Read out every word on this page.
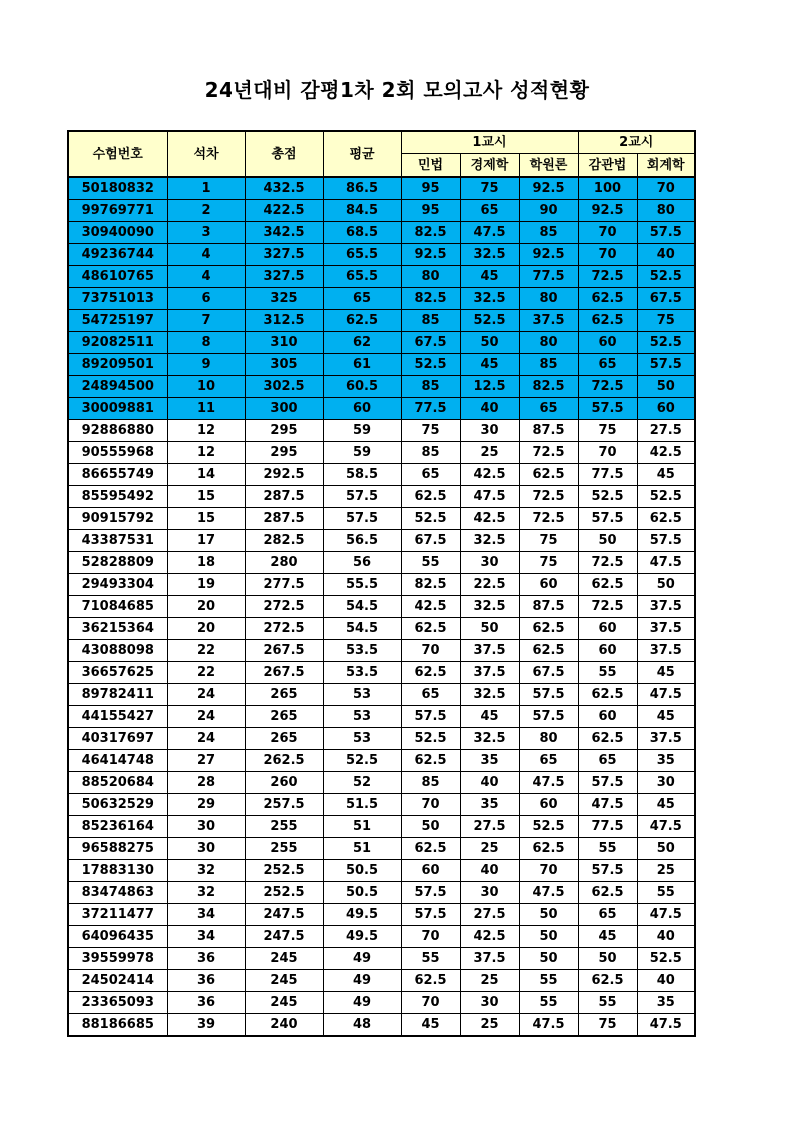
24년대비 감평1차 2회 모의고사 성적현황
수험번호	석차	총점	평균	1교시			2교시	
				민법	경제학	학원론	감관법	회계학
50180832	1	432.5	86.5	95	75	92.5	100	70
99769771	2	422.5	84.5	95	65	90	92.5	80
30940090	3	342.5	68.5	82.5	47.5	85	70	57.5
49236744	4	327.5	65.5	92.5	32.5	92.5	70	40
48610765	4	327.5	65.5	80	45	77.5	72.5	52.5
73751013	6	325	65	82.5	32.5	80	62.5	67.5
54725197	7	312.5	62.5	85	52.5	37.5	62.5	75
92082511	8	310	62	67.5	50	80	60	52.5
89209501	9	305	61	52.5	45	85	65	57.5
24894500	10	302.5	60.5	85	12.5	82.5	72.5	50
30009881	11	300	60	77.5	40	65	57.5	60
92886880	12	295	59	75	30	87.5	75	27.5
90555968	12	295	59	85	25	72.5	70	42.5
86655749	14	292.5	58.5	65	42.5	62.5	77.5	45
85595492	15	287.5	57.5	62.5	47.5	72.5	52.5	52.5
90915792	15	287.5	57.5	52.5	42.5	72.5	57.5	62.5
43387531	17	282.5	56.5	67.5	32.5	75	50	57.5
52828809	18	280	56	55	30	75	72.5	47.5
29493304	19	277.5	55.5	82.5	22.5	60	62.5	50
71084685	20	272.5	54.5	42.5	32.5	87.5	72.5	37.5
36215364	20	272.5	54.5	62.5	50	62.5	60	37.5
43088098	22	267.5	53.5	70	37.5	62.5	60	37.5
36657625	22	267.5	53.5	62.5	37.5	67.5	55	45
89782411	24	265	53	65	32.5	57.5	62.5	47.5
44155427	24	265	53	57.5	45	57.5	60	45
40317697	24	265	53	52.5	32.5	80	62.5	37.5
46414748	27	262.5	52.5	62.5	35	65	65	35
88520684	28	260	52	85	40	47.5	57.5	30
50632529	29	257.5	51.5	70	35	60	47.5	45
85236164	30	255	51	50	27.5	52.5	77.5	47.5
96588275	30	255	51	62.5	25	62.5	55	50
17883130	32	252.5	50.5	60	40	70	57.5	25
83474863	32	252.5	50.5	57.5	30	47.5	62.5	55
37211477	34	247.5	49.5	57.5	27.5	50	65	47.5
64096435	34	247.5	49.5	70	42.5	50	45	40
39559978	36	245	49	55	37.5	50	50	52.5
24502414	36	245	49	62.5	25	55	62.5	40
23365093	36	245	49	70	30	55	55	35
88186685	39	240	48	45	25	47.5	75	47.5
